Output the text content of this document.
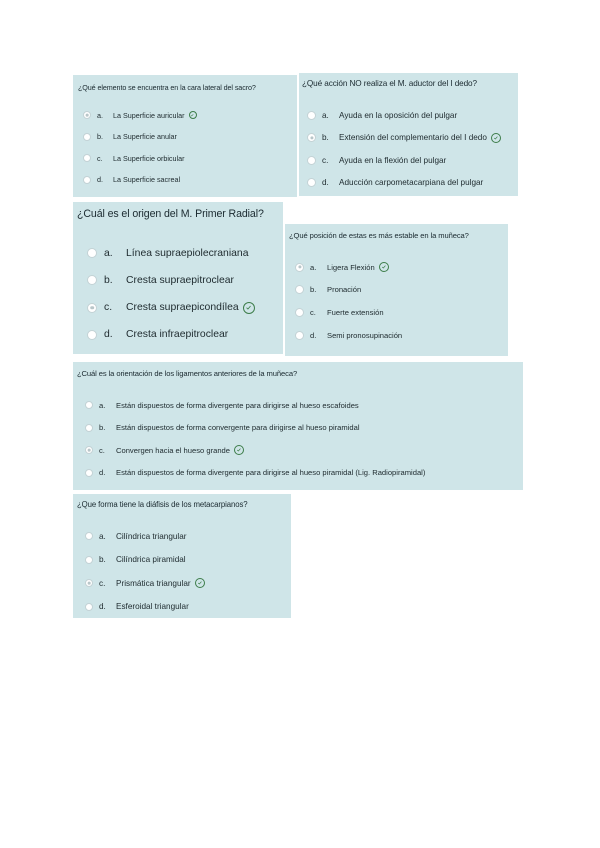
¿Qué elemento se encuentra en la cara lateral del sacro?
a.	La Superficie auricular
b.	La Superficie anular
c.	La Superficie orbicular
d.	La Superficie sacreal
¿Qué acción NO realiza el M. aductor del I dedo?
a.	Ayuda en la oposición del pulgar
b.	Extensión del complementario del I dedo
c.	Ayuda en la flexión del pulgar
d.	Aducción carpometacarpiana del pulgar
¿Cuál es el origen del M. Primer Radial?
a.	Línea supraepiolecraniana
b.	Cresta supraepitroclear
c.	Cresta supraepicondílea
d.	Cresta infraepitroclear
¿Qué posición de estas es más estable en la muñeca?
a.	Ligera Flexión
b.	Pronación
c.	Fuerte extensión
d.	Semi pronosupinación
¿Cuál es la orientación de los ligamentos anteriores de la muñeca?
a.	Están dispuestos de forma divergente para dirigirse al hueso escafoides
b.	Están dispuestos de forma convergente para dirigirse al hueso piramidal
c.	Convergen hacia el hueso grande
d.	Están dispuestos de forma divergente para dirigirse al hueso piramidal (Lig. Radiopiramidal)
¿Que forma tiene la diáfisis de los metacarpianos?
a.	Cilíndrica triangular
b.	Cilíndrica piramidal
c.	Prismática triangular
d.	Esferoidal triangular
